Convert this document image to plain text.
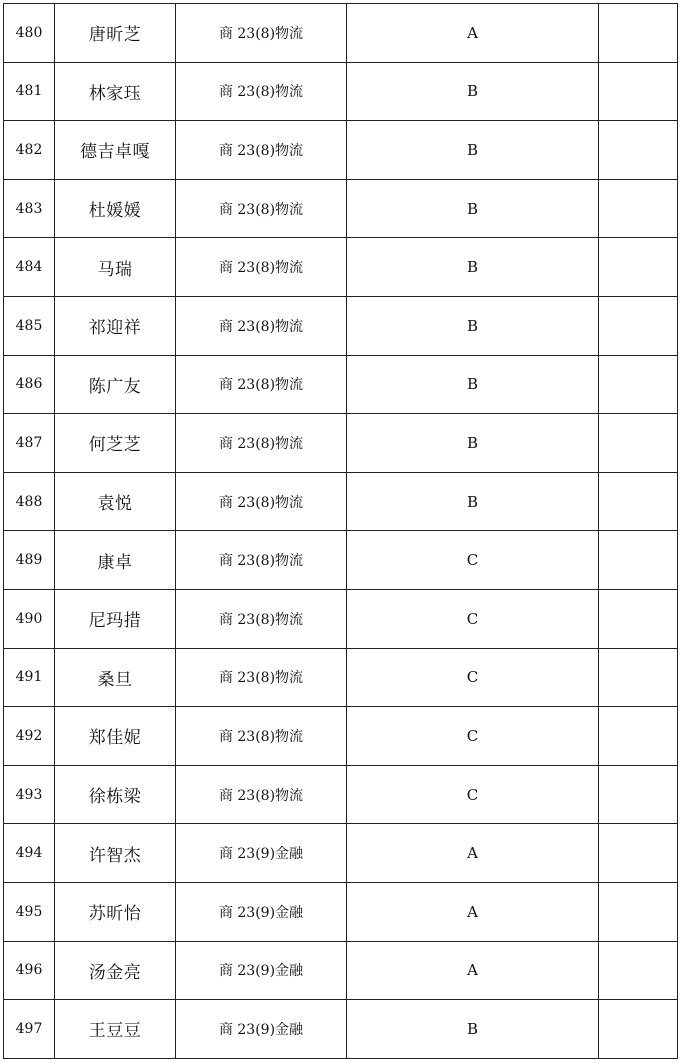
480	唐昕芝	商 23(8)物流	A	
481	林家珏	商 23(8)物流	B	
482	德吉卓嘎	商 23(8)物流	B	
483	杜媛媛	商 23(8)物流	B	
484	马瑞	商 23(8)物流	B	
485	祁迎祥	商 23(8)物流	B	
486	陈广友	商 23(8)物流	B	
487	何芝芝	商 23(8)物流	B	
488	袁悦	商 23(8)物流	B	
489	康卓	商 23(8)物流	C	
490	尼玛措	商 23(8)物流	C	
491	桑旦	商 23(8)物流	C	
492	郑佳妮	商 23(8)物流	C	
493	徐栋梁	商 23(8)物流	C	
494	许智杰	商 23(9)金融	A	
495	苏昕怡	商 23(9)金融	A	
496	汤金亮	商 23(9)金融	A	
497	王豆豆	商 23(9)金融	B	
